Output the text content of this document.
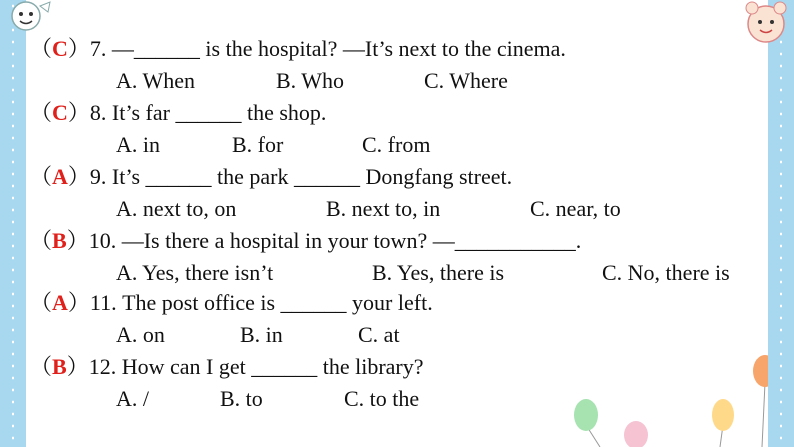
（C）7. —______ is the hospital? —It’s next to the cinema.
A. When	B. Who	C. Where
（C）8. It’s far ______ the shop.
A. in	B. for	C. from
（A）9. It’s ______ the park ______ Dongfang street.
A. next to, on	B. next to, in	C. near, to
（B）10. —Is there a hospital in your town? —___________.
A. Yes, there isn’t	B. Yes, there is	C. No, there is
（A）11. The post office is ______ your left.
A. on	B. in	C. at
（B）12. How can I get ______ the library?
A. /	B. to	C. to the
